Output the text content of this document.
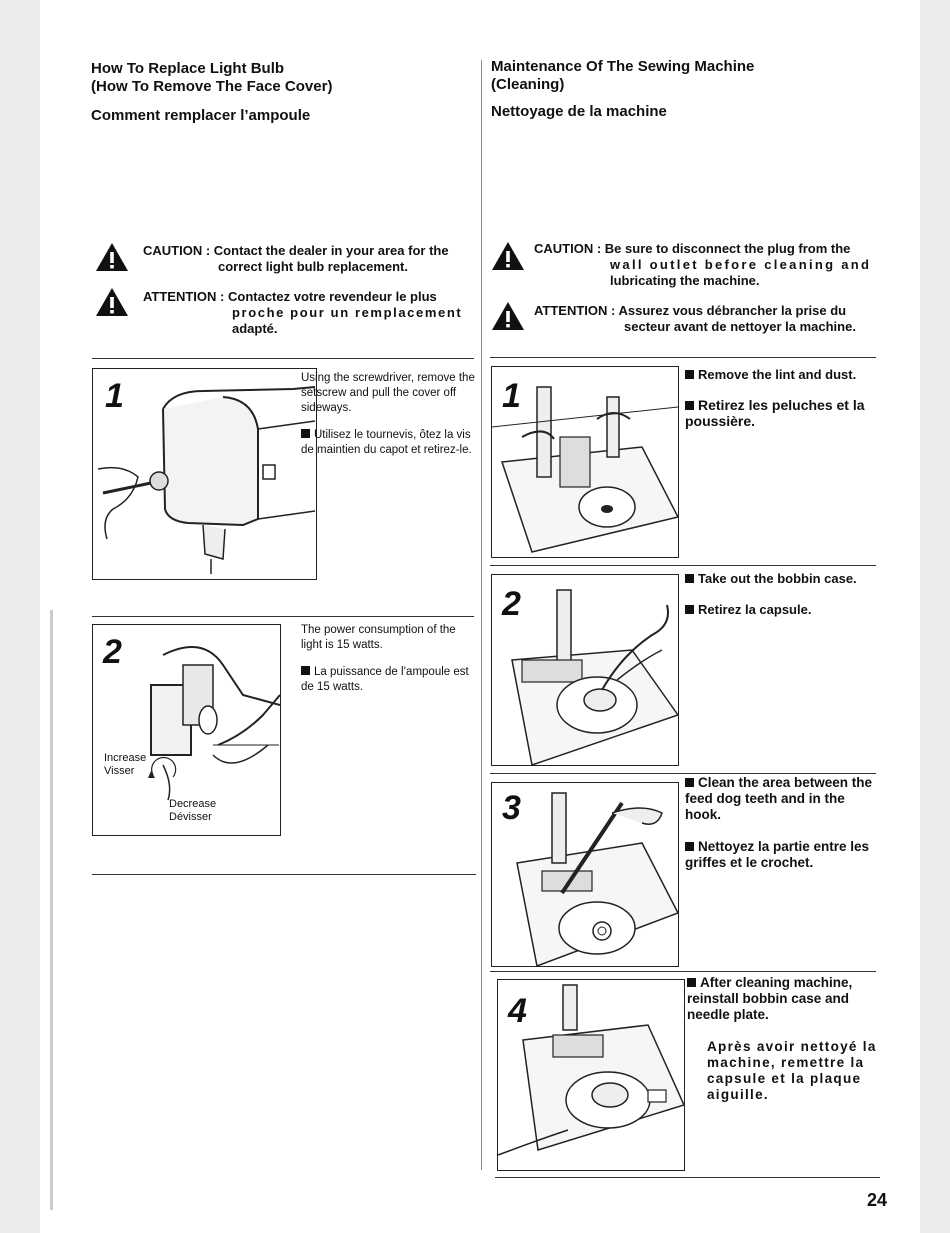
How To Replace Light Bulb

(How To Remove The Face Cover)

Comment remplacer l’ampoule

CAUTION : Contact the dealer in your area for the
correct light bulb replacement.
ATTENTION : Contactez votre revendeur le plus
proche pour un remplacement
adapté.
1	Using the screwdriver, remove the setscrew and pull the cover off sideways.
Utilisez le tournevis, ôtez la vis de maintien du capot et retirez-le.
2
Increase
Visser
Decrease
Dévisser
The power consumption of the light is 15 watts.
La puissance de l’ampoule est de 15 watts.

Maintenance Of The Sewing Machine

(Cleaning)

Nettoyage de la machine

CAUTION : Be sure to disconnect the plug from the
wall outlet before cleaning and
lubricating the machine.
ATTENTION : Assurez vous débrancher la prise du
secteur avant de nettoyer la machine.
1
Remove the lint and dust.
Retirez les peluches et la poussière.
2
Take out the bobbin case.
Retirez la capsule.
3
Clean the area between the feed dog teeth and in the hook.
Nettoyez la partie entre les griffes et le crochet.
4
After cleaning machine, reinstall bobbin case and needle plate.
Après avoir nettoyé la machine, remettre la capsule et la plaque aiguille.
24
